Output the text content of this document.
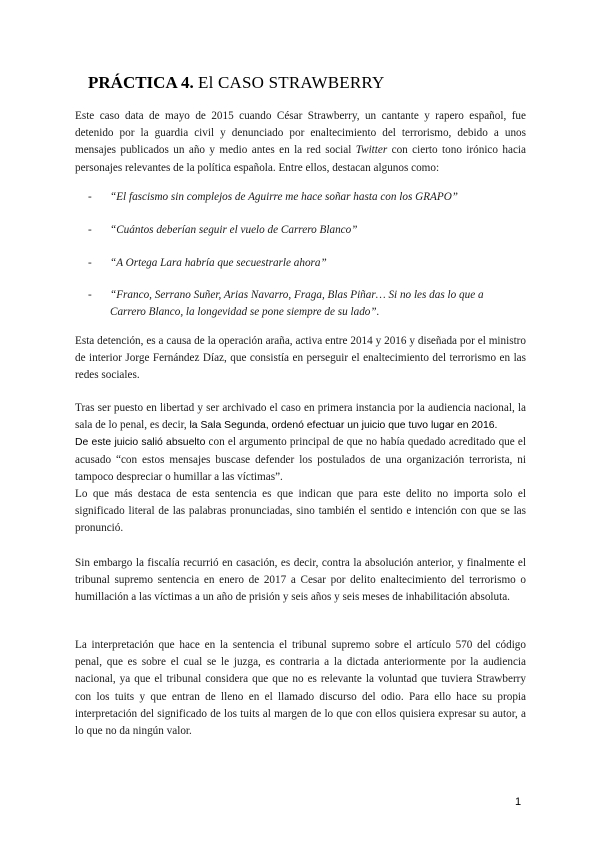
PRÁCTICA 4. El CASO STRAWBERRY

Este caso data de mayo de 2015 cuando César Strawberry, un cantante y rapero español, fue detenido por la guardia civil y denunciado por enaltecimiento del terrorismo, debido a unos mensajes publicados un año y medio antes en la red social Twitter con cierto tono irónico hacia personajes relevantes de la política española. Entre ellos, destacan algunos como:

-	“El fascismo sin complejos de Aguirre me hace soñar hasta con los GRAPO”
-	“Cuántos deberían seguir el vuelo de Carrero Blanco”
-	“A Ortega Lara habría que secuestrarle ahora”
-	“Franco, Serrano Suñer, Arias Navarro, Fraga, Blas Piñar… Si no les das lo que a Carrero Blanco, la longevidad se pone siempre de su lado”.

Esta detención, es a causa de la operación araña, activa entre 2014 y 2016 y diseñada por el ministro de interior Jorge Fernández Díaz, que consistía en perseguir el enaltecimiento del terrorismo en las redes sociales.

Tras ser puesto en libertad y ser archivado el caso en primera instancia por la audiencia nacional, la sala de lo penal, es decir, la Sala Segunda, ordenó efectuar un juicio que tuvo lugar en 2016.
De este juicio salió absuelto con el argumento principal de que no había quedado acreditado que el acusado “con estos mensajes buscase defender los postulados de una organización terrorista, ni tampoco despreciar o humillar a las víctimas”.
Lo que más destaca de esta sentencia es que indican que para este delito no importa solo el significado literal de las palabras pronunciadas, sino también el sentido e intención con que se las pronunció.

Sin embargo la fiscalía recurrió en casación, es decir, contra la absolución anterior, y finalmente el tribunal supremo sentencia en enero de 2017 a Cesar por delito enaltecimiento del terrorismo o humillación a las víctimas a un año de prisión y seis años y seis meses de inhabilitación absoluta.

La interpretación que hace en la sentencia el tribunal supremo sobre el artículo 570 del código penal, que es sobre el cual se le juzga, es contraria a la dictada anteriormente por la audiencia nacional, ya que el tribunal considera que que no es relevante la voluntad que tuviera Strawberry con los tuits y que entran de lleno en el llamado discurso del odio. Para ello hace su propia interpretación del significado de los tuits al margen de lo que con ellos quisiera expresar su autor, a lo que no da ningún valor.

1
